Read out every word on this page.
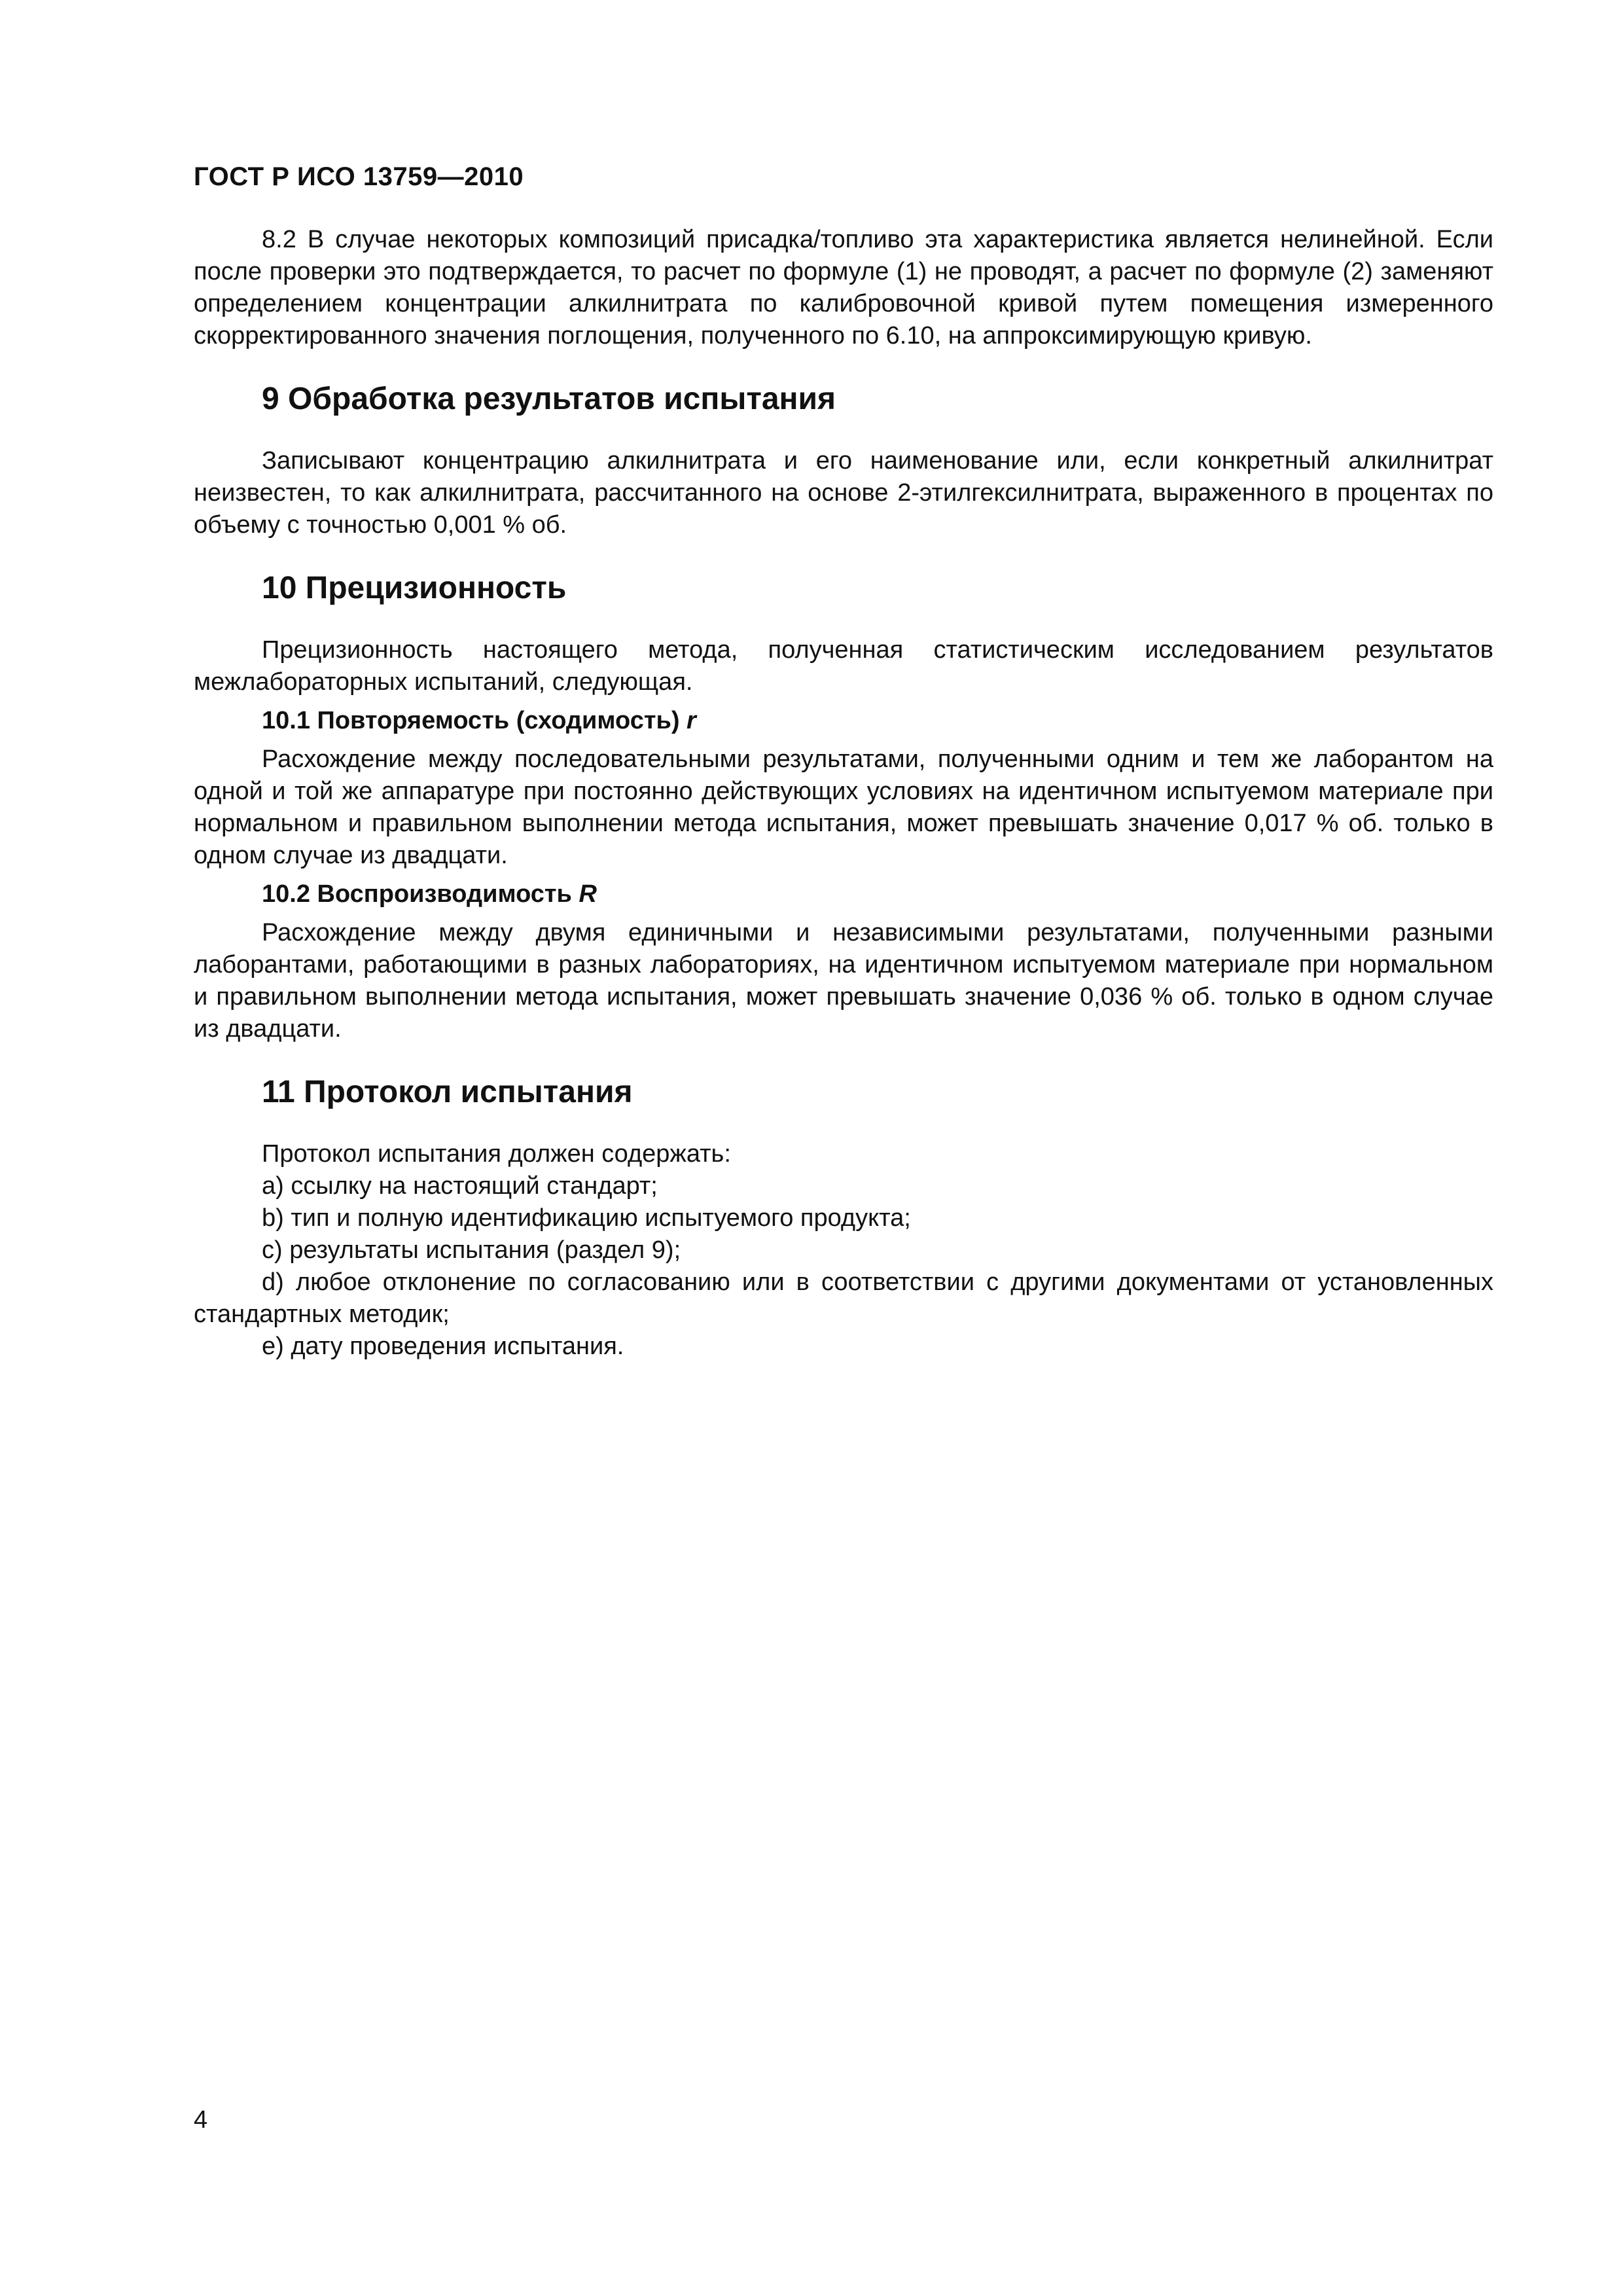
ГОСТ Р ИСО 13759—2010

8.2 В случае некоторых композиций присадка/топливо эта характеристика является нелинейной. Если после проверки это подтверждается, то расчет по формуле (1) не проводят, а расчет по формуле (2) заменяют определением концентрации алкилнитрата по калибровочной кривой путем помещения измеренного скорректированного значения поглощения, полученного по 6.10, на аппроксимирующую кривую.

9 Обработка результатов испытания

Записывают концентрацию алкилнитрата и его наименование или, если конкретный алкилнитрат неизвестен, то как алкилнитрата, рассчитанного на основе 2-этилгексилнитрата, выраженного в процентах по объему с точностью 0,001 % об.

10 Прецизионность

Прецизионность настоящего метода, полученная статистическим исследованием результатов межлабораторных испытаний, следующая.

10.1 Повторяемость (сходимость) r

Расхождение между последовательными результатами, полученными одним и тем же лаборантом на одной и той же аппаратуре при постоянно действующих условиях на идентичном испытуемом материале при нормальном и правильном выполнении метода испытания, может превышать значение 0,017 % об. только в одном случае из двадцати.

10.2 Воспроизводимость R

Расхождение между двумя единичными и независимыми результатами, полученными разными лаборантами, работающими в разных лабораториях, на идентичном испытуемом материале при нормальном и правильном выполнении метода испытания, может превышать значение 0,036 % об. только в одном случае из двадцати.

11 Протокол испытания

Протокол испытания должен содержать:

a) ссылку на настоящий стандарт;

b) тип и полную идентификацию испытуемого продукта;

c) результаты испытания (раздел 9);

d) любое отклонение по согласованию или в соответствии с другими документами от установленных стандартных методик;

e) дату проведения испытания.

4
